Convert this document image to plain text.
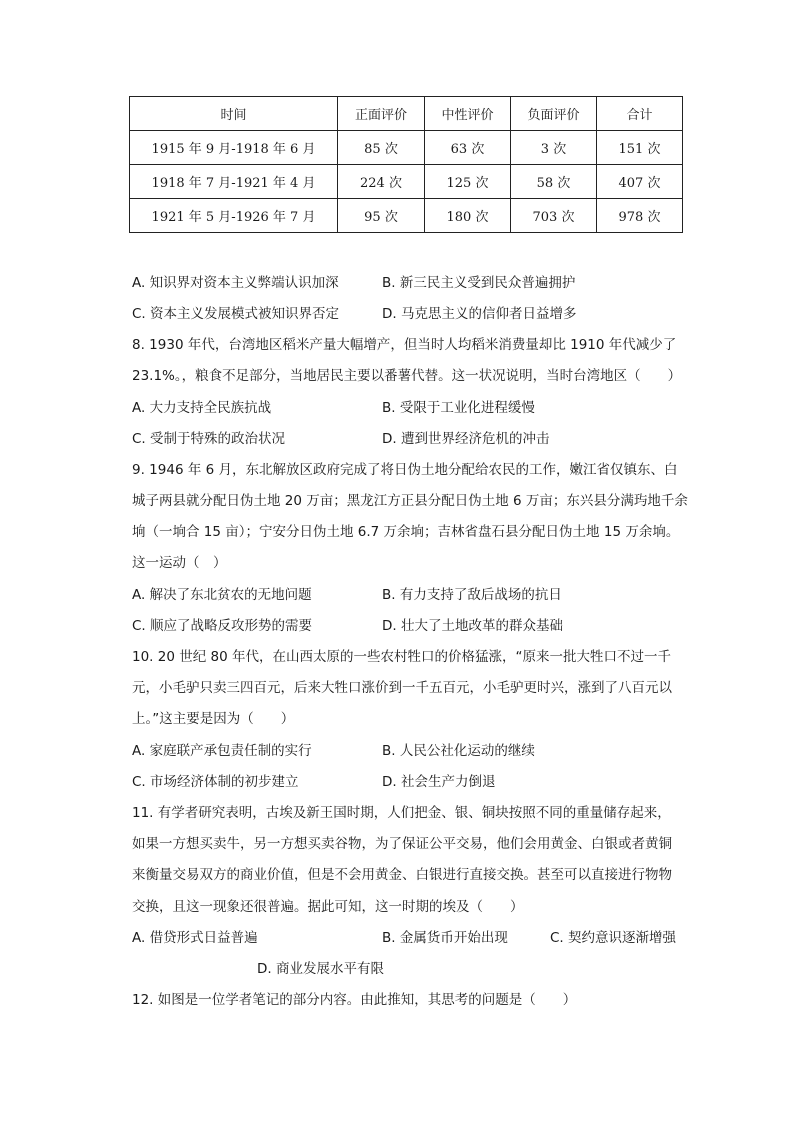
时间	正面评价	中性评价	负面评价	合计
1915 年 9 月-1918 年 6 月	85 次	63 次	3 次	151 次
1918 年 7 月-1921 年 4 月	224 次	125 次	58 次	407 次
1921 年 5 月-1926 年 7 月	95 次	180 次	703 次	978 次
A. 知识界对资本主义弊端认识加深	B. 新三民主义受到民众普遍拥护
C. 资本主义发展模式被知识界否定	D. 马克思主义的信仰者日益增多
8. 1930 年代，台湾地区稻米产量大幅增产，但当时人均稻米消费量却比 1910 年代减少了
23.1%。，粮食不足部分，当地居民主要以番薯代替。这一状况说明，当时台湾地区（　　）
A. 大力支持全民族抗战	B. 受限于工业化进程缓慢
C. 受制于特殊的政治状况	D. 遭到世界经济危机的冲击
9. 1946 年 6 月，东北解放区政府完成了将日伪土地分配给农民的工作，嫩江省仅镇东、白
城子两县就分配日伪土地 20 万亩；黑龙江方正县分配日伪土地 6 万亩；东兴县分满玙地千余
垧（一垧合 15 亩）；宁安分日伪土地 6.7 万余垧；吉林省盘石县分配日伪土地 15 万余垧。
这一运动（　）
A. 解决了东北贫农的无地问题	B. 有力支持了敌后战场的抗日
C. 顺应了战略反攻形势的需要	D. 壮大了土地改革的群众基础
10. 20 世纪 80 年代，在山西太原的一些农村牲口的价格猛涨，“原来一批大牲口不过一千
元，小毛驴只卖三四百元，后来大牲口涨价到一千五百元，小毛驴更时兴，涨到了八百元以
上。”这主要是因为（　　）
A. 家庭联产承包责任制的实行	B. 人民公社化运动的继续
C. 市场经济体制的初步建立	D. 社会生产力倒退
11. 有学者研究表明，古埃及新王国时期，人们把金、银、铜块按照不同的重量储存起来，
如果一方想买卖牛，另一方想买卖谷物，为了保证公平交易，他们会用黄金、白银或者黄铜
来衡量交易双方的商业价值，但是不会用黄金、白银进行直接交换。甚至可以直接进行物物
交换，且这一现象还很普遍。据此可知，这一时期的埃及（　　）
A. 借贷形式日益普遍	B. 金属货币开始出现	C. 契约意识逐渐增强
D. 商业发展水平有限
12. 如图是一位学者笔记的部分内容。由此推知，其思考的问题是（　　）
